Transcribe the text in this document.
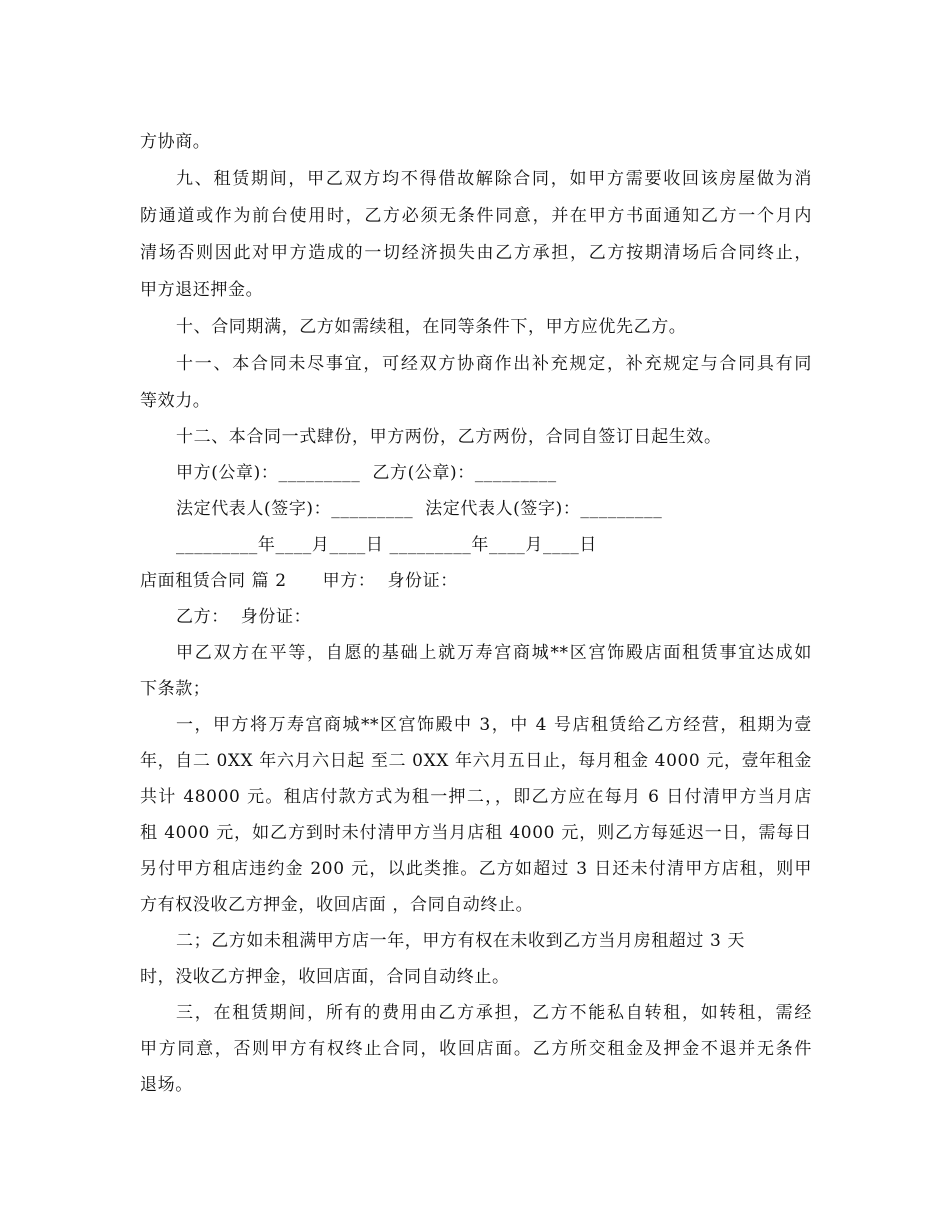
方协商。
九、租赁期间，甲乙双方均不得借故解除合同，如甲方需要收回该房屋做为消
防通道或作为前台使用时，乙方必须无条件同意，并在甲方书面通知乙方一个月内
清场否则因此对甲方造成的一切经济损失由乙方承担，乙方按期清场后合同终止，
甲方退还押金。
十、合同期满，乙方如需续租，在同等条件下，甲方应优先乙方。
十一、本合同未尽事宜，可经双方协商作出补充规定，补充规定与合同具有同
等效力。
十二、本合同一式肆份，甲方两份，乙方两份，合同自签订日起生效。
甲方(公章)：_________  乙方(公章)：_________
法定代表人(签字)：_________  法定代表人(签字)：_________
_________年____月____日 _________年____月____日
店面租赁合同 篇 2      甲方：  身份证：
乙方：  身份证：
甲乙双方在平等，自愿的基础上就万寿宫商城**区宫饰殿店面租赁事宜达成如
下条款；
一，甲方将万寿宫商城**区宫饰殿中 3，中 4 号店租赁给乙方经营，租期为壹
年，自二 0XX 年六月六日起 至二 0XX 年六月五日止，每月租金 4000 元，壹年租金
共计 48000 元。租店付款方式为租一押二，，即乙方应在每月 6 日付清甲方当月店
租 4000 元，如乙方到时未付清甲方当月店租 4000 元，则乙方每延迟一日，需每日
另付甲方租店违约金 200 元，以此类推。乙方如超过 3 日还未付清甲方店租，则甲
方有权没收乙方押金，收回店面 ，合同自动终止。
二；乙方如未租满甲方店一年，甲方有权在未收到乙方当月房租超过 3 天
时，没收乙方押金，收回店面，合同自动终止。
三，在租赁期间，所有的费用由乙方承担，乙方不能私自转租，如转租，需经
甲方同意，否则甲方有权终止合同，收回店面。乙方所交租金及押金不退并无条件
退场。
